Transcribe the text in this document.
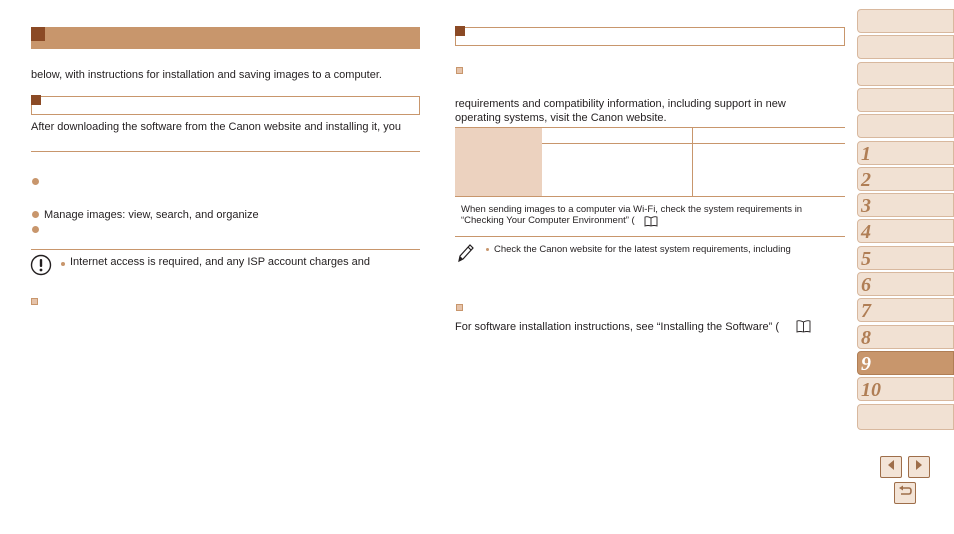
below, with instructions for installation and saving images to a computer.
After downloading the software from the Canon website and installing it, you
Manage images: view, search, and organize
Internet access is required, and any ISP account charges and
requirements and compatibility information, including support in new
operating systems, visit the Canon website.
When sending images to a computer via Wi-Fi, check the system requirements in
“Checking Your Computer Environment” (
Check the Canon website for the latest system requirements, including
For software installation instructions, see “Installing the Software” (
1
2
3
4
5
6
7
8
9
10
